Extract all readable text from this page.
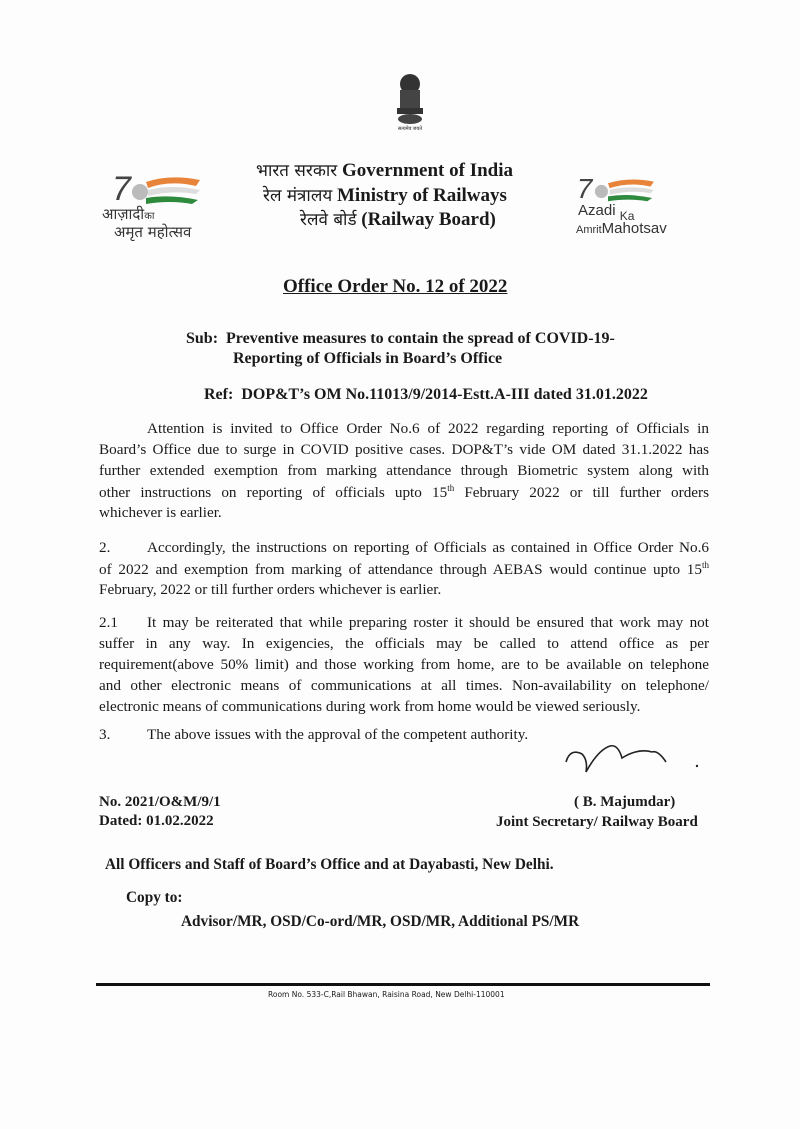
सत्यमेव जयते
7
आज़ादीका
अमृत महोत्सव
भारत सरकार Government of India
रेल मंत्रालय Ministry of Railways
रेलवे बोर्ड (Railway Board)
7
Azadi $_{Ka}$
AmritMahotsav
Office Order No. 12 of 2022
Sub: Preventive measures to contain the spread of COVID-19-
Reporting of Officials in Board’s Office
Ref: DOP&T’s OM No.11013/9/2014-Estt.A-III dated 31.01.2022
Attention is invited to Office Order No.6 of 2022 regarding reporting of Officials in
Board’s Office due to surge in COVID positive cases. DOP&T’s vide OM dated 31.1.2022 has
further extended exemption from marking attendance through Biometric system along with
other instructions on reporting of officials upto 15th February 2022 or till further orders
whichever is earlier.
2. Accordingly, the instructions on reporting of Officials as contained in Office Order No.6
of 2022 and exemption from marking of attendance through AEBAS would continue upto 15th
February, 2022 or till further orders whichever is earlier.
2.1 It may be reiterated that while preparing roster it should be ensured that work may not
suffer in any way. In exigencies, the officials may be called to attend office as per
requirement(above 50% limit) and those working from home, are to be available on telephone
and other electronic means of communications at all times. Non-availability on telephone/
electronic means of communications during work from home would be viewed seriously.
3. The above issues with the approval of the competent authority.
No. 2021/O&M/9/1
Dated: 01.02.2022
( B. Majumdar)
Joint Secretary/ Railway Board
All Officers and Staff of Board’s Office and at Dayabasti, New Delhi.
Copy to:
Advisor/MR, OSD/Co-ord/MR, OSD/MR, Additional PS/MR
Room No. 533-C,Rail Bhawan, Raisina Road, New Delhi-110001
